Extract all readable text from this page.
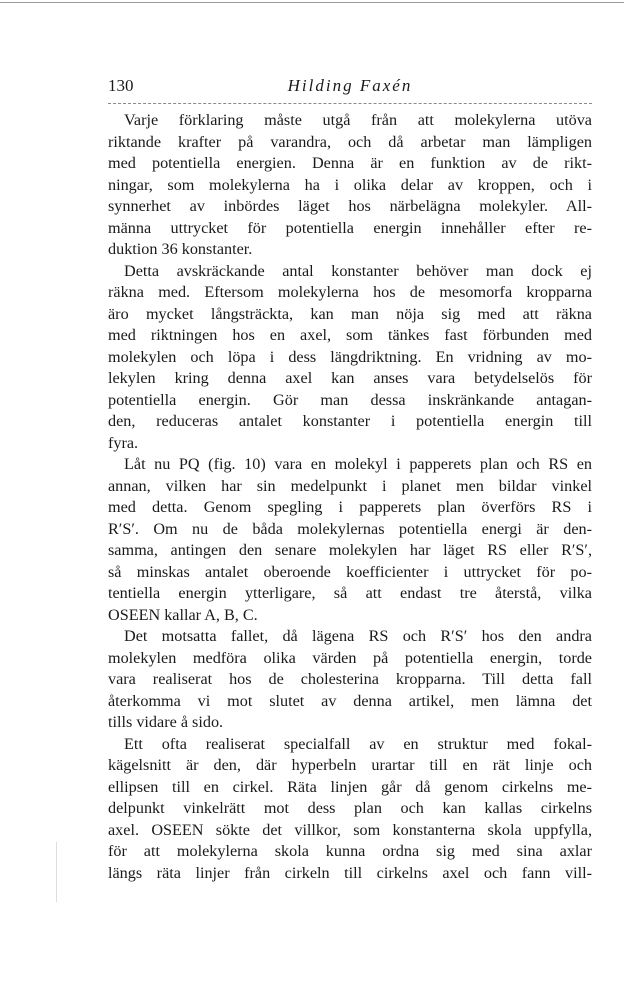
130	Hilding Faxén
Varje förklaring måste utgå från att molekylerna utöva
riktande krafter på varandra, och då arbetar man lämpligen
med potentiella energien. Denna är en funktion av de rikt-
ningar, som molekylerna ha i olika delar av kroppen, och i
synnerhet av inbördes läget hos närbelägna molekyler. All-
männa uttrycket för potentiella energin innehåller efter re-
duktion 36 konstanter.
Detta avskräckande antal konstanter behöver man dock ej
räkna med. Eftersom molekylerna hos de mesomorfa kropparna
äro mycket långsträckta, kan man nöja sig med att räkna
med riktningen hos en axel, som tänkes fast förbunden med
molekylen och löpa i dess längdriktning. En vridning av mo-
lekylen kring denna axel kan anses vara betydelselös för
potentiella energin. Gör man dessa inskränkande antagan-
den, reduceras antalet konstanter i potentiella energin till
fyra.
Låt nu PQ (fig. 10) vara en molekyl i papperets plan och RS en
annan, vilken har sin medelpunkt i planet men bildar vinkel
med detta. Genom spegling i papperets plan överförs RS i
R′S′. Om nu de båda molekylernas potentiella energi är den-
samma, antingen den senare molekylen har läget RS eller R′S′,
så minskas antalet oberoende koefficienter i uttrycket för po-
tentiella energin ytterligare, så att endast tre återstå, vilka
OSEEN kallar A, B, C.
Det motsatta fallet, då lägena RS och R′S′ hos den andra
molekylen medföra olika värden på potentiella energin, torde
vara realiserat hos de cholesterina kropparna. Till detta fall
återkomma vi mot slutet av denna artikel, men lämna det
tills vidare å sido.
Ett ofta realiserat specialfall av en struktur med fokal-
kägelsnitt är den, där hyperbeln urartar till en rät linje och
ellipsen till en cirkel. Räta linjen går då genom cirkelns me-
delpunkt vinkelrätt mot dess plan och kan kallas cirkelns
axel. OSEEN sökte det villkor, som konstanterna skola uppfylla,
för att molekylerna skola kunna ordna sig med sina axlar
längs räta linjer från cirkeln till cirkelns axel och fann vill-
